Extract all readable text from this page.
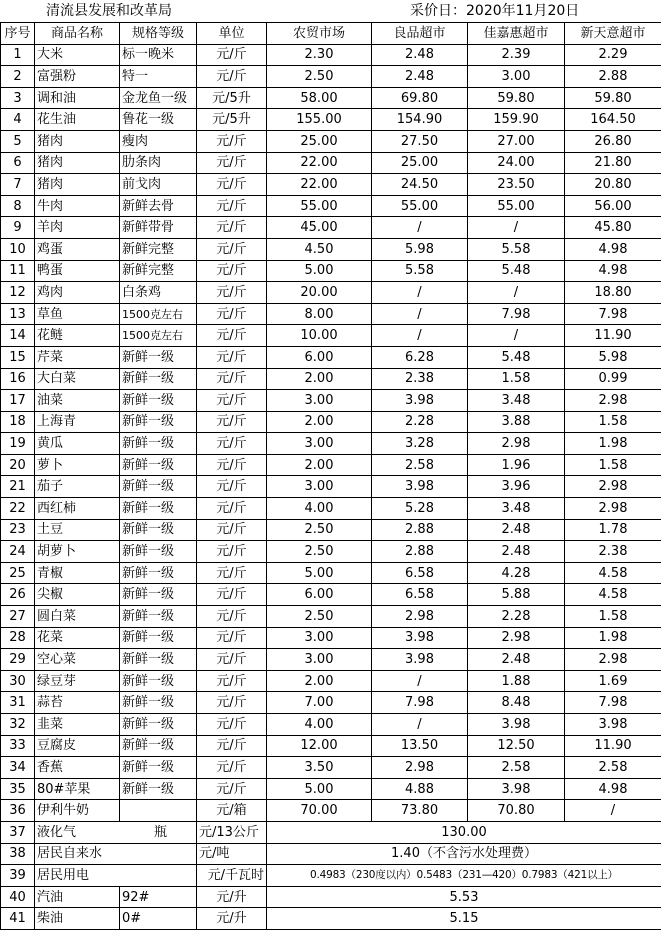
清流县发展和改革局	采价日：2020年11月20日
序号	商品名称	规格等级	单位	农贸市场	良品超市	佳嘉惠超市	新天意超市
1	大米	标一晚米	元/斤	2.30	2.48	2.39	2.29
2	富强粉	特一	元/斤	2.50	2.48	3.00	2.88
3	调和油	金龙鱼一级	元/5升	58.00	69.80	59.80	59.80
4	花生油	鲁花一级	元/5升	155.00	154.90	159.90	164.50
5	猪肉	瘦肉	元/斤	25.00	27.50	27.00	26.80
6	猪肉	肋条肉	元/斤	22.00	25.00	24.00	21.80
7	猪肉	前戈肉	元/斤	22.00	24.50	23.50	20.80
8	牛肉	新鲜去骨	元/斤	55.00	55.00	55.00	56.00
9	羊肉	新鲜带骨	元/斤	45.00	/	/	45.80
10	鸡蛋	新鲜完整	元/斤	4.50	5.98	5.58	4.98
11	鸭蛋	新鲜完整	元/斤	5.00	5.58	5.48	4.98
12	鸡肉	白条鸡	元/斤	20.00	/	/	18.80
13	草鱼	1500克左右	元/斤	8.00	/	7.98	7.98
14	花鲢	1500克左右	元/斤	10.00	/	/	11.90
15	芹菜	新鲜一级	元/斤	6.00	6.28	5.48	5.98
16	大白菜	新鲜一级	元/斤	2.00	2.38	1.58	0.99
17	油菜	新鲜一级	元/斤	3.00	3.98	3.48	2.98
18	上海青	新鲜一级	元/斤	2.00	2.28	3.88	1.58
19	黄瓜	新鲜一级	元/斤	3.00	3.28	2.98	1.98
20	萝卜	新鲜一级	元/斤	2.00	2.58	1.96	1.58
21	茄子	新鲜一级	元/斤	3.00	3.98	3.96	2.98
22	西红柿	新鲜一级	元/斤	4.00	5.28	3.48	2.98
23	土豆	新鲜一级	元/斤	2.50	2.88	2.48	1.78
24	胡萝卜	新鲜一级	元/斤	2.50	2.88	2.48	2.38
25	青椒	新鲜一级	元/斤	5.00	6.58	4.28	4.58
26	尖椒	新鲜一级	元/斤	6.00	6.58	5.88	4.58
27	圆白菜	新鲜一级	元/斤	2.50	2.98	2.28	1.58
28	花菜	新鲜一级	元/斤	3.00	3.98	2.98	1.98
29	空心菜	新鲜一级	元/斤	3.00	3.98	2.48	2.98
30	绿豆芽	新鲜一级	元/斤	2.00	/	1.88	1.69
31	蒜苔	新鲜一级	元/斤	7.00	7.98	8.48	7.98
32	韭菜	新鲜一级	元/斤	4.00	/	3.98	3.98
33	豆腐皮	新鲜一级	元/斤	12.00	13.50	12.50	11.90
34	香蕉	新鲜一级	元/斤	3.50	2.98	2.58	2.58
35	80#苹果	新鲜一级	元/斤	5.00	4.88	3.98	4.98
36	伊利牛奶		元/箱	70.00	73.80	70.80	/
37	液化气 瓶		元/13公斤	130.00			
38	居民自来水		元/吨	1.40（不含污水处理费）			
39	居民用电		元/千瓦时	0.4983（230度以内）0.5483（231—420）0.7983（421以上）			
40	汽油	92#	元/升	5.53			
41	柴油	0#	元/升	5.15			
